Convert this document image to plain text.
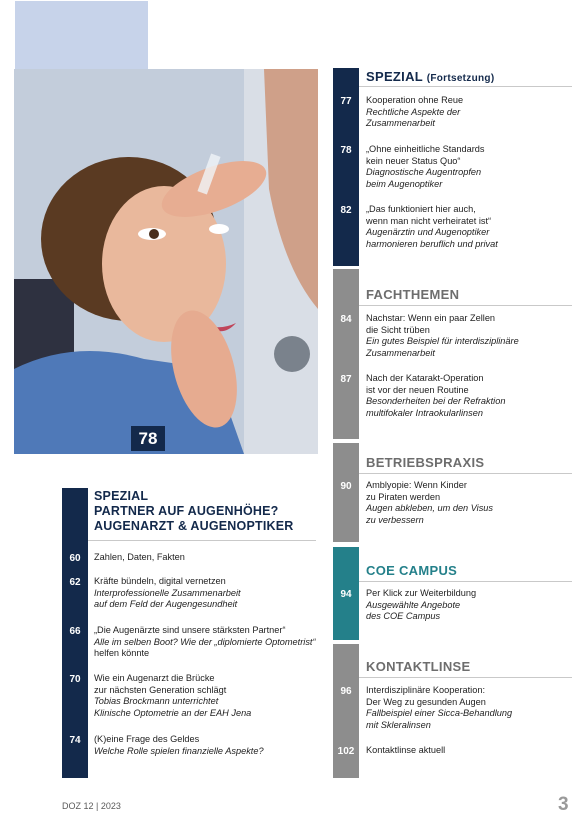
78
SPEZIAL (Fortsetzung)
77	Kooperation ohne Reue
Rechtliche Aspekte der
Zusammenarbeit
78	„Ohne einheitliche Standards
kein neuer Status Quo“
Diagnostische Augentropfen
beim Augenoptiker
82	„Das funktioniert hier auch,
wenn man nicht verheiratet ist“
Augenärztin und Augenoptiker
harmonieren beruflich und privat
FACHTHEMEN
84	Nachstar: Wenn ein paar Zellen
die Sicht trüben
Ein gutes Beispiel für interdisziplinäre
Zusammenarbeit
87	Nach der Katarakt-Operation
ist vor der neuen Routine
Besonderheiten bei der Refraktion
multifokaler Intraokularlinsen
BETRIEBSPRAXIS
90	Amblyopie: Wenn Kinder
zu Piraten werden
Augen abkleben, um den Visus
zu verbessern
COE CAMPUS
94	Per Klick zur Weiterbildung
Ausgewählte Angebote
des COE Campus
KONTAKTLINSE
96	Interdisziplinäre Kooperation:
Der Weg zu gesunden Augen
Fallbeispiel einer Sicca-Behandlung
mit Skleralinsen
102	Kontaktlinse aktuell
SPEZIAL
PARTNER AUF AUGENHÖHE?
AUGENARZT & AUGENOPTIKER
60	Zahlen, Daten, Fakten
62	Kräfte bündeln, digital vernetzen
Interprofessionelle Zusammenarbeit
auf dem Feld der Augengesundheit
66	„Die Augenärzte sind unsere stärksten Partner“
Alle im selben Boot? Wie der „diplomierte Optometrist“
helfen könnte
70	Wie ein Augenarzt die Brücke
zur nächsten Generation schlägt
Tobias Brockmann unterrichtet
Klinische Optometrie an der EAH Jena
74	(K)eine Frage des Geldes
Welche Rolle spielen finanzielle Aspekte?
DOZ 12 | 2023	3
